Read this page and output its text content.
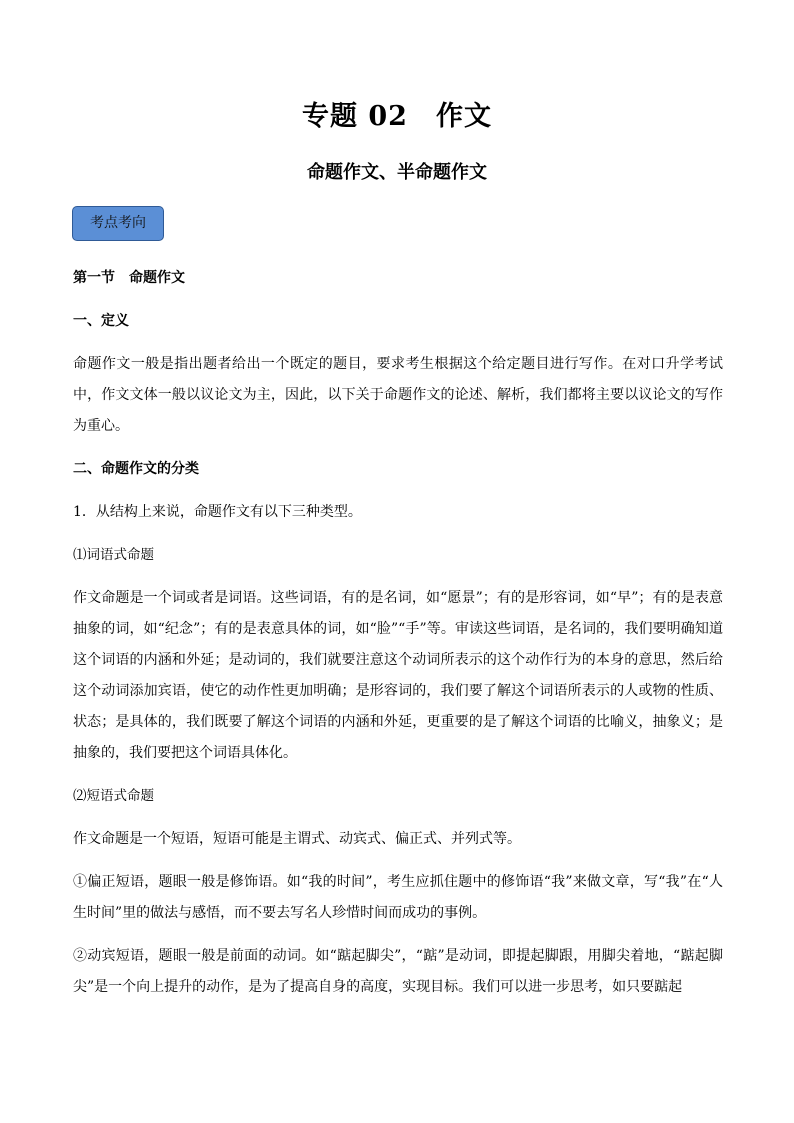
专题 02　作文
命题作文、半命题作文
考点考向

第一节　命题作文

一、定义

命题作文一般是指出题者给出一个既定的题目，要求考生根据这个给定题目进行写作。在对口升学考试中，作文文体一般以议论文为主，因此，以下关于命题作文的论述、解析，我们都将主要以议论文的写作为重心。

二、命题作文的分类

1．从结构上来说，命题作文有以下三种类型。

⑴词语式命题

作文命题是一个词或者是词语。这些词语，有的是名词，如“愿景”；有的是形容词，如“早”；有的是表意抽象的词，如“纪念”；有的是表意具体的词，如“脸”“手”等。审读这些词语，是名词的，我们要明确知道这个词语的内涵和外延；是动词的，我们就要注意这个动词所表示的这个动作行为的本身的意思，然后给这个动词添加宾语，使它的动作性更加明确；是形容词的，我们要了解这个词语所表示的人或物的性质、状态；是具体的，我们既要了解这个词语的内涵和外延，更重要的是了解这个词语的比喻义，抽象义；是抽象的，我们要把这个词语具体化。

⑵短语式命题

作文命题是一个短语，短语可能是主谓式、动宾式、偏正式、并列式等。

①偏正短语，题眼一般是修饰语。如“我的时间”，考生应抓住题中的修饰语“我”来做文章，写“我”在“人生时间”里的做法与感悟，而不要去写名人珍惜时间而成功的事例。

②动宾短语，题眼一般是前面的动词。如“踮起脚尖”，“踮”是动词，即提起脚跟，用脚尖着地，“踮起脚尖”是一个向上提升的动作，是为了提高自身的高度，实现目标。我们可以进一步思考，如只要踮起
